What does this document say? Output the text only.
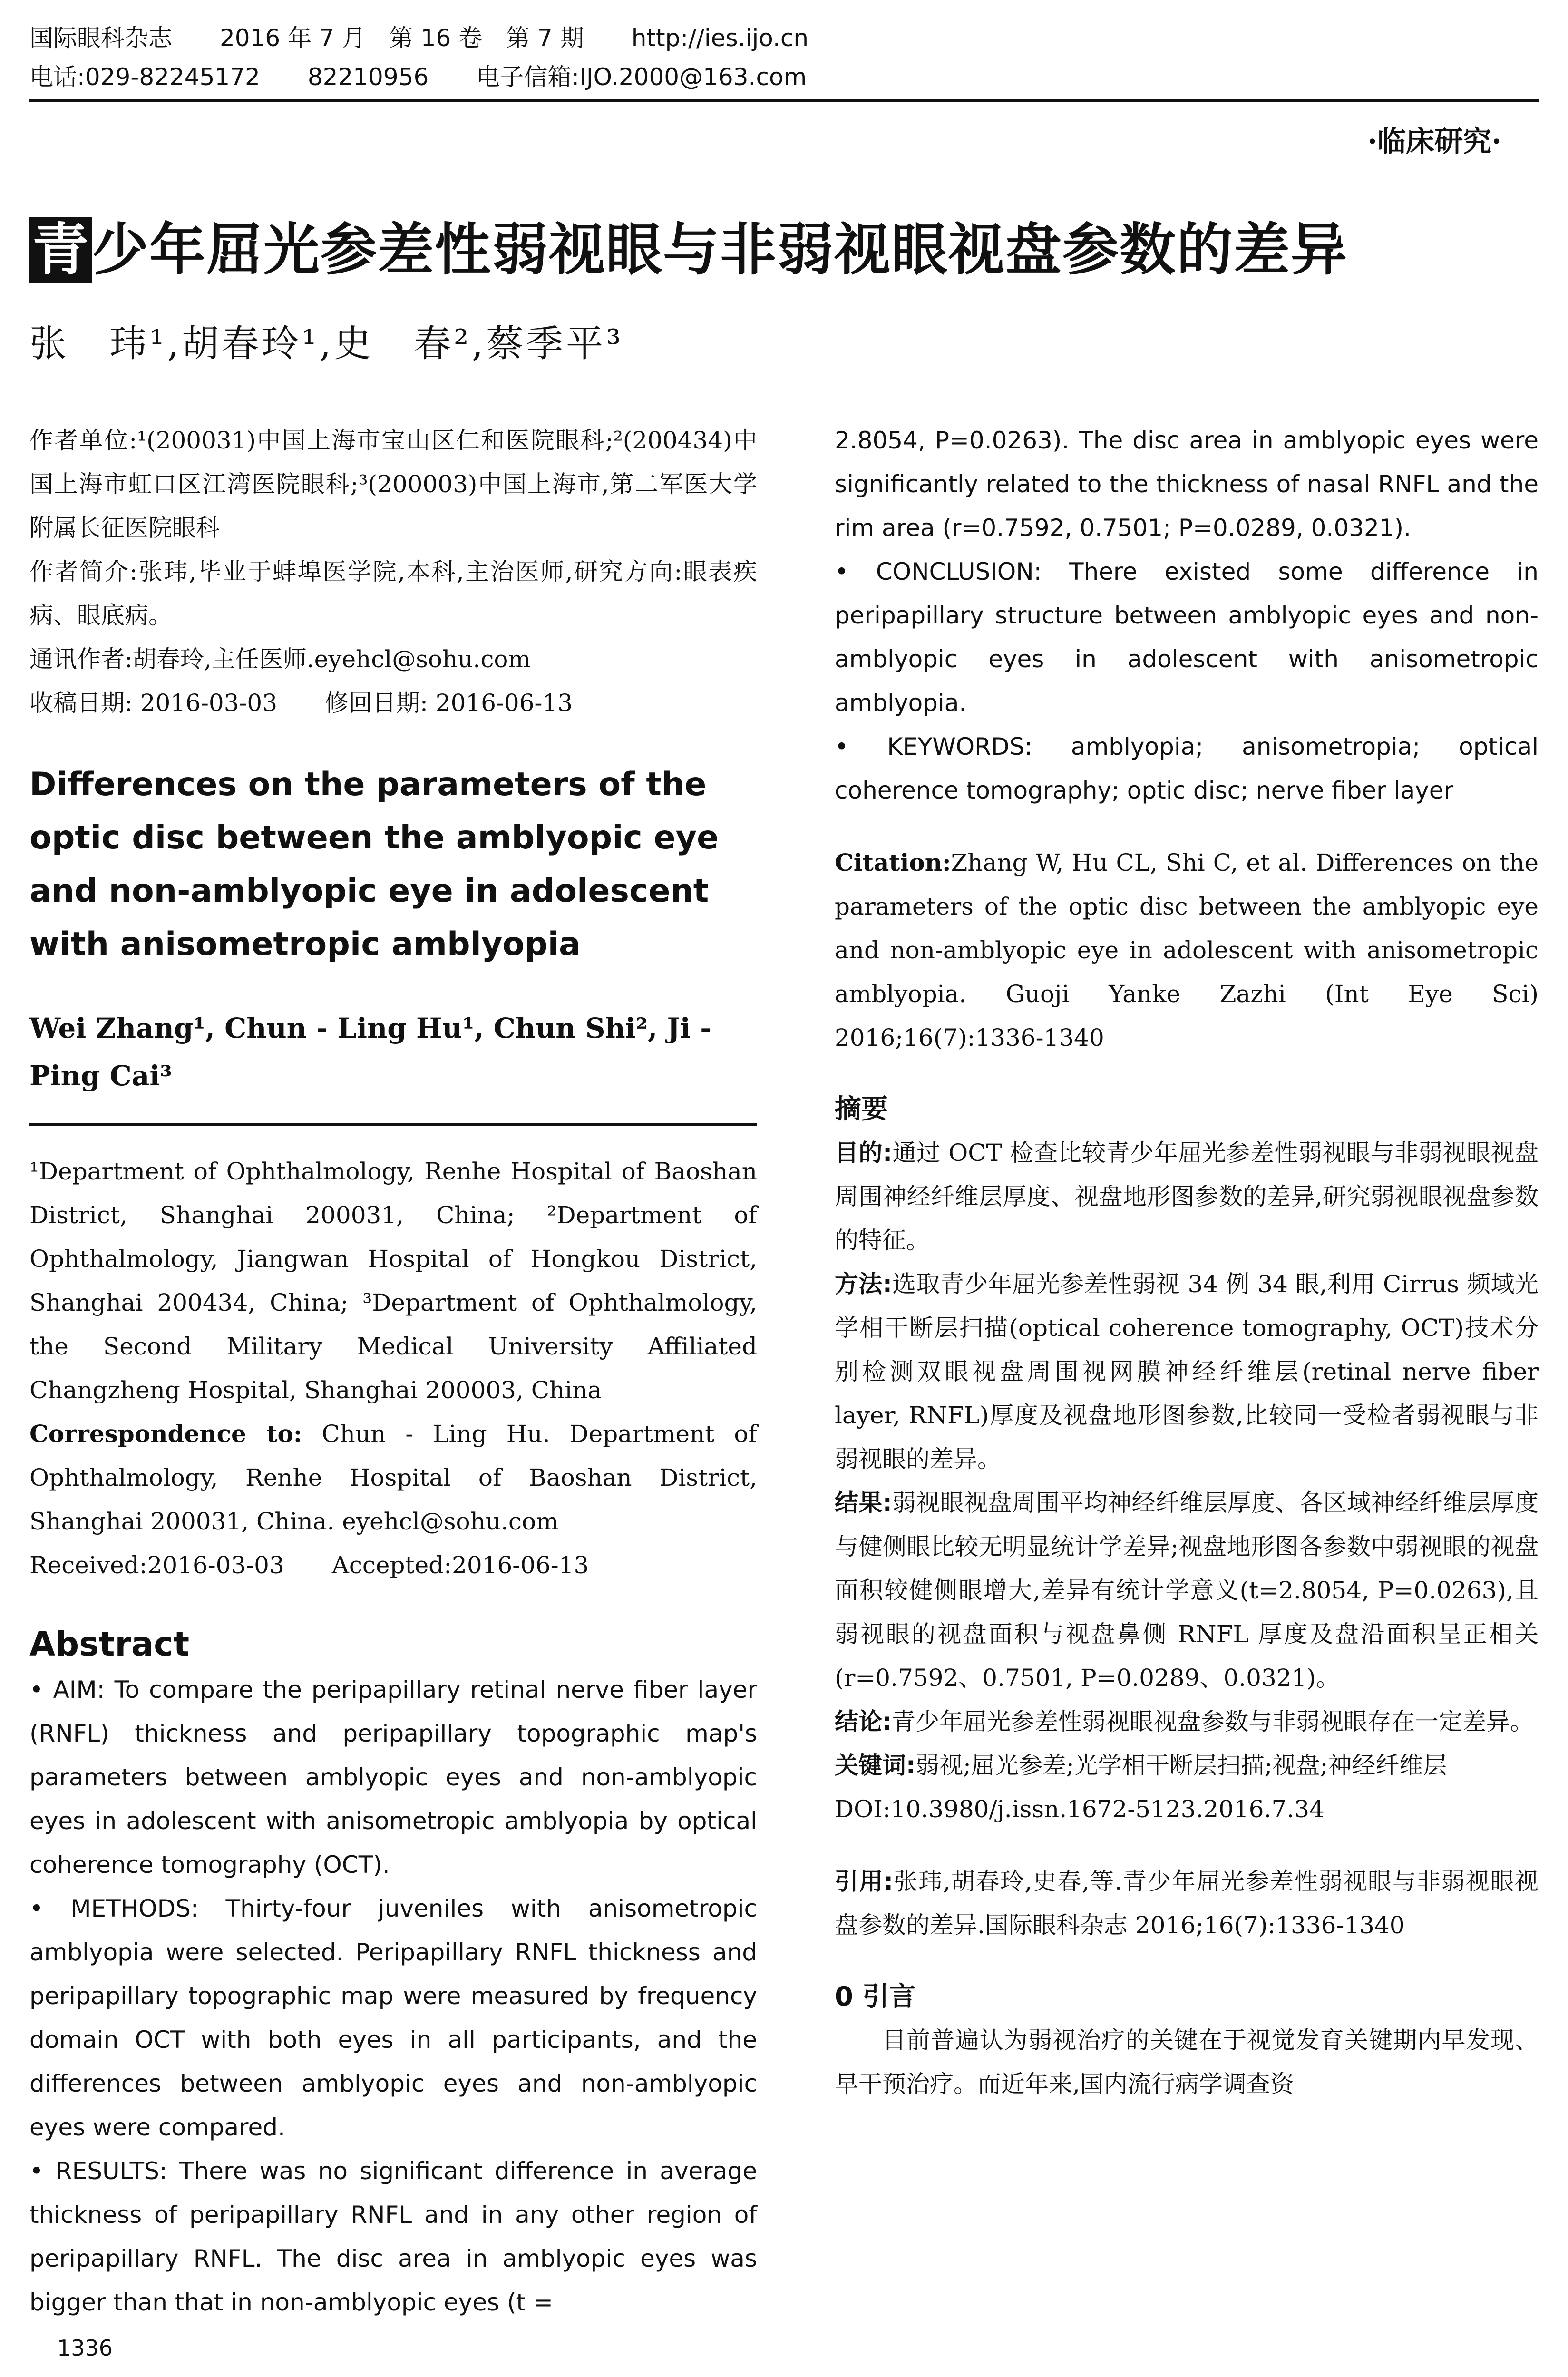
国际眼科杂志　　2016 年 7 月　第 16 卷　第 7 期　　http://ies.ijo.cn
电话:029-82245172　　82210956　　电子信箱:IJO.2000@163.com
·临床研究·
青少年屈光参差性弱视眼与非弱视眼视盘参数的差异
张　玮¹,胡春玲¹,史　春²,蔡季平³

作者单位:¹(200031)中国上海市宝山区仁和医院眼科;²(200434)中国上海市虹口区江湾医院眼科;³(200003)中国上海市,第二军医大学附属长征医院眼科

作者简介:张玮,毕业于蚌埠医学院,本科,主治医师,研究方向:眼表疾病、眼底病。

通讯作者:胡春玲,主任医师.eyehcl@sohu.com

收稿日期: 2016-03-03　　修回日期: 2016-06-13

Differences on the parameters of the optic disc between the amblyopic eye and non-amblyopic eye in adolescent with anisometropic amblyopia

Wei Zhang¹, Chun - Ling Hu¹, Chun Shi², Ji - Ping Cai³

¹Department of Ophthalmology, Renhe Hospital of Baoshan District, Shanghai 200031, China; ²Department of Ophthalmology, Jiangwan Hospital of Hongkou District, Shanghai 200434, China; ³Department of Ophthalmology, the Second Military Medical University Affiliated Changzheng Hospital, Shanghai 200003, China

Correspondence to: Chun - Ling Hu. Department of Ophthalmology, Renhe Hospital of Baoshan District, Shanghai 200031, China. eyehcl@sohu.com

Received:2016-03-03　　Accepted:2016-06-13

Abstract

• AIM: To compare the peripapillary retinal nerve fiber layer (RNFL) thickness and peripapillary topographic map's parameters between amblyopic eyes and non-amblyopic eyes in adolescent with anisometropic amblyopia by optical coherence tomography (OCT).

• METHODS: Thirty-four juveniles with anisometropic amblyopia were selected. Peripapillary RNFL thickness and peripapillary topographic map were measured by frequency domain OCT with both eyes in all participants, and the differences between amblyopic eyes and non-amblyopic eyes were compared.

• RESULTS: There was no significant difference in average thickness of peripapillary RNFL and in any other region of peripapillary RNFL. The disc area in amblyopic eyes was bigger than that in non-amblyopic eyes (t =

2.8054, P=0.0263). The disc area in amblyopic eyes were significantly related to the thickness of nasal RNFL and the rim area (r=0.7592, 0.7501; P=0.0289, 0.0321).

• CONCLUSION: There existed some difference in peripapillary structure between amblyopic eyes and non-amblyopic eyes in adolescent with anisometropic amblyopia.

• KEYWORDS: amblyopia; anisometropia; optical coherence tomography; optic disc; nerve fiber layer

Citation:Zhang W, Hu CL, Shi C, et al. Differences on the parameters of the optic disc between the amblyopic eye and non-amblyopic eye in adolescent with anisometropic amblyopia. Guoji Yanke Zazhi (Int Eye Sci) 2016;16(7):1336-1340

摘要

目的:通过 OCT 检查比较青少年屈光参差性弱视眼与非弱视眼视盘周围神经纤维层厚度、视盘地形图参数的差异,研究弱视眼视盘参数的特征。

方法:选取青少年屈光参差性弱视 34 例 34 眼,利用 Cirrus 频域光学相干断层扫描(optical coherence tomography, OCT)技术分别检测双眼视盘周围视网膜神经纤维层(retinal nerve fiber layer, RNFL)厚度及视盘地形图参数,比较同一受检者弱视眼与非弱视眼的差异。

结果:弱视眼视盘周围平均神经纤维层厚度、各区域神经纤维层厚度与健侧眼比较无明显统计学差异;视盘地形图各参数中弱视眼的视盘面积较健侧眼增大,差异有统计学意义(t=2.8054, P=0.0263),且弱视眼的视盘面积与视盘鼻侧 RNFL 厚度及盘沿面积呈正相关(r=0.7592、0.7501, P=0.0289、0.0321)。

结论:青少年屈光参差性弱视眼视盘参数与非弱视眼存在一定差异。

关键词:弱视;屈光参差;光学相干断层扫描;视盘;神经纤维层

DOI:10.3980/j.issn.1672-5123.2016.7.34

引用:张玮,胡春玲,史春,等.青少年屈光参差性弱视眼与非弱视眼视盘参数的差异.国际眼科杂志 2016;16(7):1336-1340

0 引言

目前普遍认为弱视治疗的关键在于视觉发育关键期内早发现、早干预治疗。而近年来,国内流行病学调查资

1336
